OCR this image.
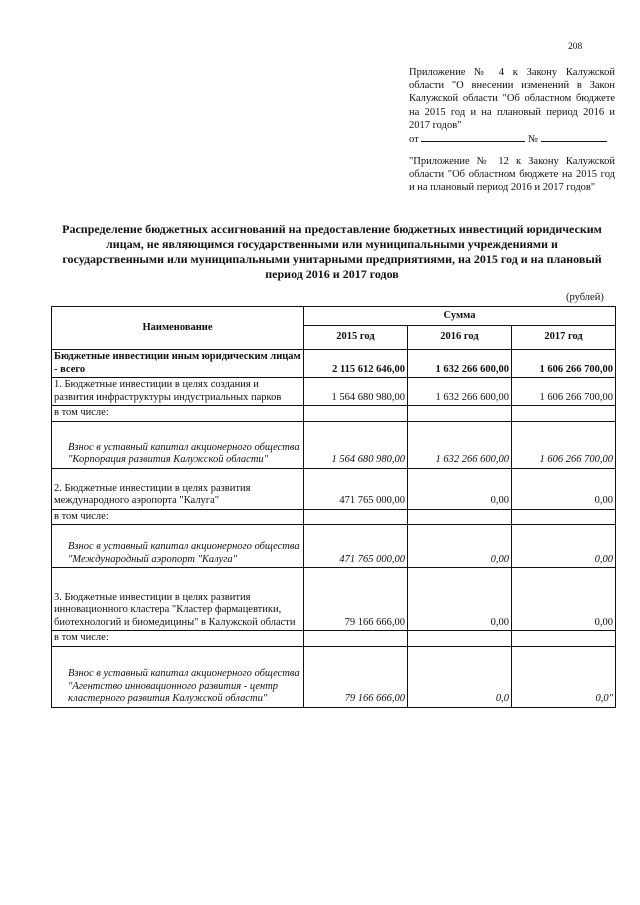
208
Приложение № 4 к Закону Калужской области "О внесении изменений в Закон Калужской области "Об областном бюджете на 2015 год и на плановый период 2016 и 2017 годов"
от	№
"Приложение № 12 к Закону Калужской области "Об областном бюджете на 2015 год и на плановый период 2016 и 2017 годов"
Распределение бюджетных ассигнований на предоставление бюджетных инвестиций юридическим лицам, не являющимся государственными или муниципальными учреждениями и государственными или муниципальными унитарными предприятиями, на 2015 год и на плановый период 2016 и 2017 годов
(рублей)
Наименование	Сумма		
	2015 год	2016 год	2017 год
Бюджетные инвестиции иным юридическим лицам - всего	2 115 612 646,00	1 632 266 600,00	1 606 266 700,00
1. Бюджетные инвестиции в целях создания и развития инфраструктуры индустриальных парков	1 564 680 980,00	1 632 266 600,00	1 606 266 700,00
в том числе:			
Взнос в уставный капитал акционерного общества "Корпорация развития Калужской области"	1 564 680 980,00	1 632 266 600,00	1 606 266 700,00
2. Бюджетные инвестиции в целях развития международного аэропорта "Калуга"	471 765 000,00	0,00	0,00
в том числе:			
Взнос в уставный капитал акционерного общества "Международный аэропорт "Калуга"	471 765 000,00	0,00	0,00
3. Бюджетные инвестиции в целях развития инновационного кластера "Кластер фармацевтики, биотехнологий и биомедицины" в Калужской области	79 166 666,00	0,00	0,00
в том числе:			
Взнос в уставный капитал акционерного общества "Агентство инновационного развития - центр кластерного развития Калужской области"	79 166 666,00	0,0	0,0"
